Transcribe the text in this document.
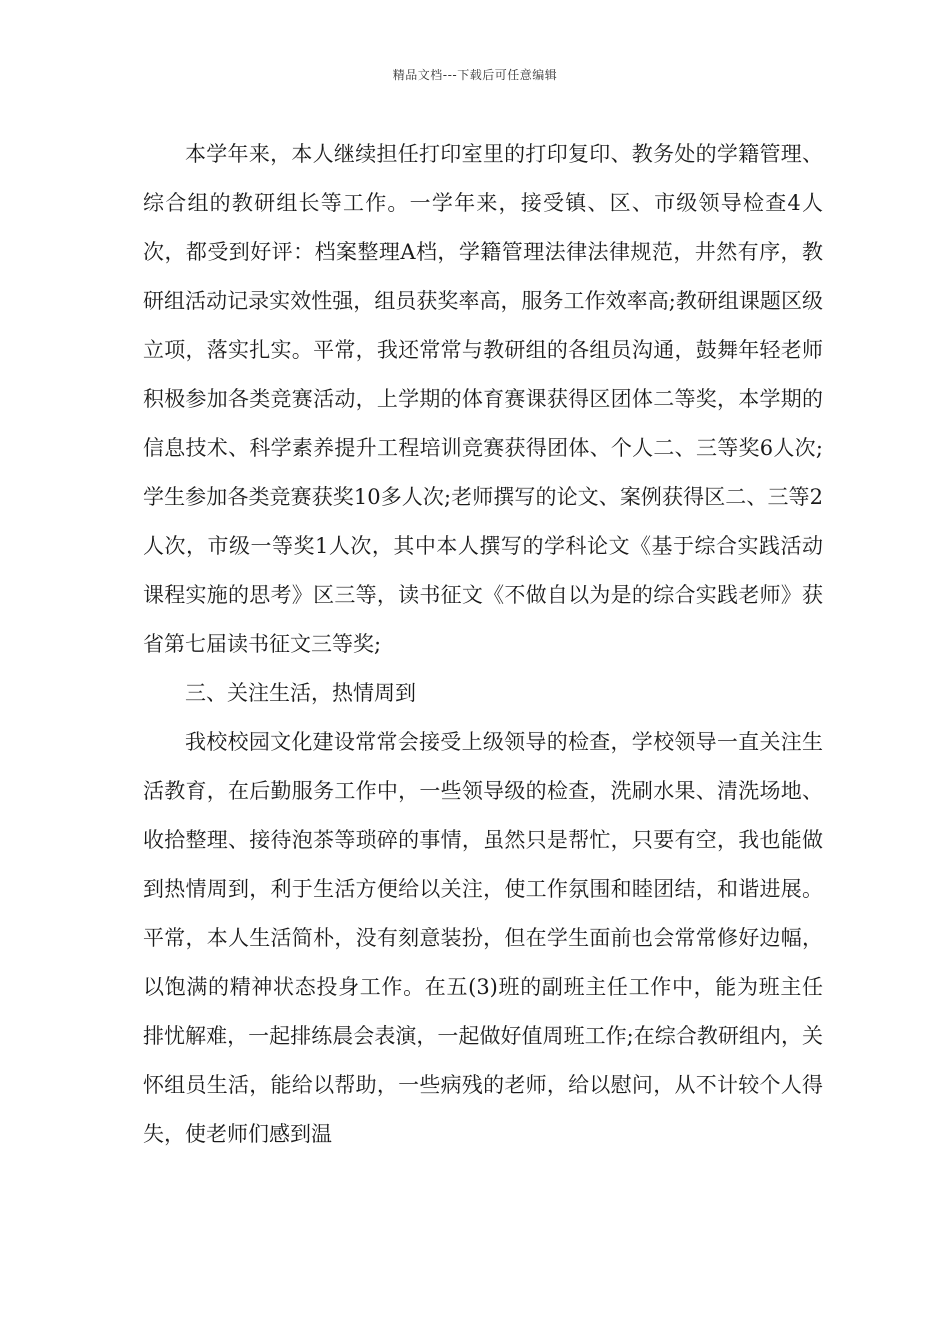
精品文档---下载后可任意编辑

本学年来，本人继续担任打印室里的打印复印、教务处的学籍管理、综合组的教研组长等工作。一学年来，接受镇、区、市级领导检查4人次，都受到好评：档案整理A档，学籍管理法律法律规范，井然有序，教研组活动记录实效性强，组员获奖率高，服务工作效率高;教研组课题区级立项，落实扎实。平常，我还常常与教研组的各组员沟通，鼓舞年轻老师积极参加各类竞赛活动，上学期的体育赛课获得区团体二等奖，本学期的信息技术、科学素养提升工程培训竞赛获得团体、个人二、三等奖6人次;学生参加各类竞赛获奖10多人次;老师撰写的论文、案例获得区二、三等2人次，市级一等奖1人次，其中本人撰写的学科论文《基于综合实践活动课程实施的思考》区三等，读书征文《不做自以为是的综合实践老师》获省第七届读书征文三等奖;

三、关注生活，热情周到

我校校园文化建设常常会接受上级领导的检查，学校领导一直关注生活教育，在后勤服务工作中，一些领导级的检查，洗刷水果、清洗场地、收拾整理、接待泡茶等琐碎的事情，虽然只是帮忙，只要有空，我也能做到热情周到，利于生活方便给以关注，使工作氛围和睦团结，和谐进展。平常，本人生活简朴，没有刻意装扮，但在学生面前也会常常修好边幅，以饱满的精神状态投身工作。在五(3)班的副班主任工作中，能为班主任排忧解难，一起排练晨会表演，一起做好值周班工作;在综合教研组内，关怀组员生活，能给以帮助，一些病残的老师，给以慰问，从不计较个人得失，使老师们感到温
